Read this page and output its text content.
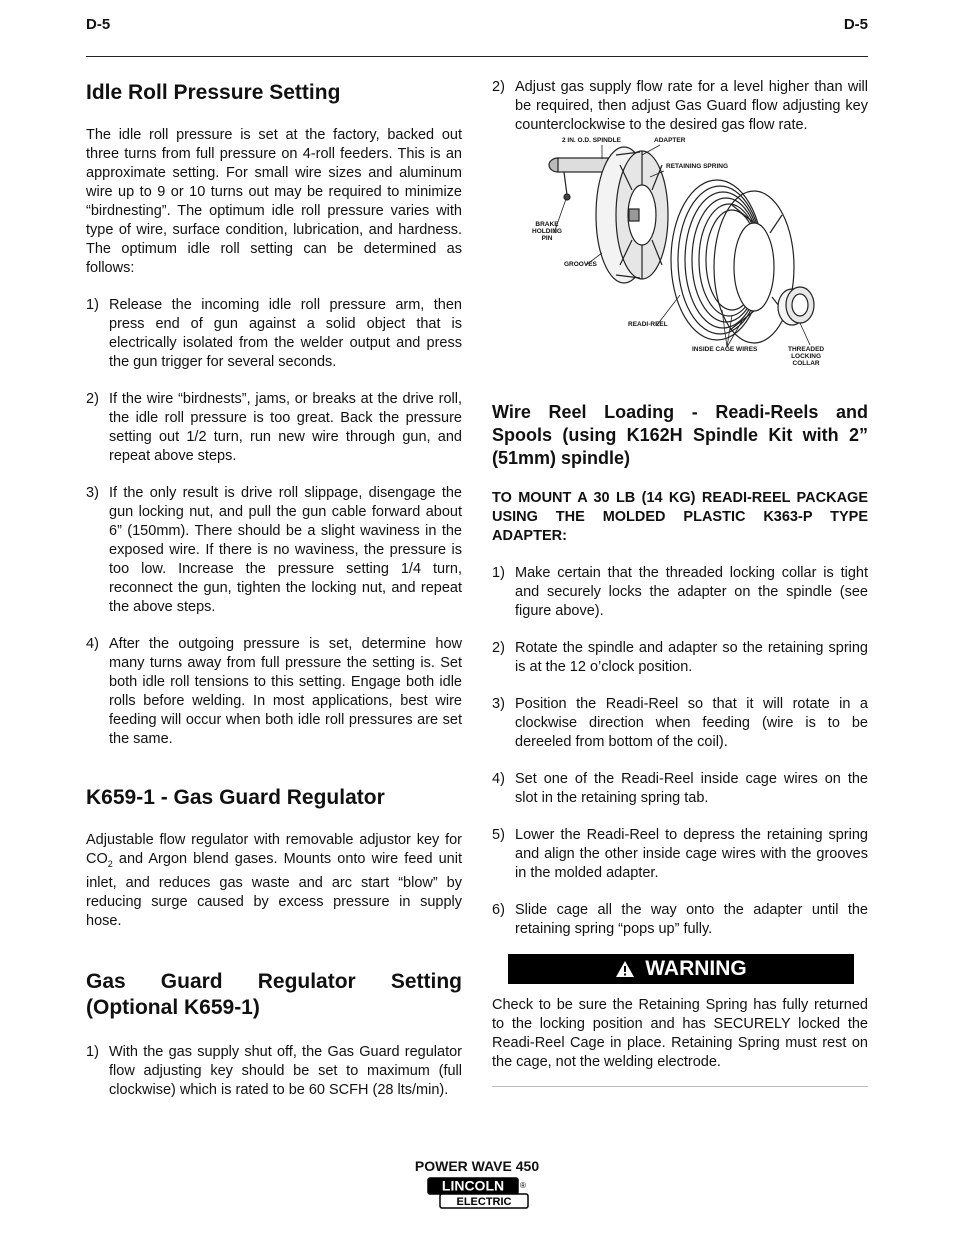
D-5	D-5
Idle Roll Pressure Setting

The idle roll pressure is set at the factory, backed out three turns from full pressure on 4-roll feeders. This is an approximate setting. For small wire sizes and aluminum wire up to 9 or 10 turns out may be required to minimize “birdnesting”. The optimum idle roll pressure varies with type of wire, surface condition, lubrication, and hardness. The optimum idle roll setting can be determined as follows:

1) Release the incoming idle roll pressure arm, then press end of gun against a solid object that is electrically isolated from the welder output and press the gun trigger for several seconds.
2) If the wire “birdnests”, jams, or breaks at the drive roll, the idle roll pressure is too great. Back the pressure setting out 1/2 turn, run new wire through gun, and repeat above steps.
3) If the only result is drive roll slippage, disengage the gun locking nut, and pull the gun cable forward about 6” (150mm). There should be a slight waviness in the exposed wire. If there is no waviness, the pressure is too low. Increase the pressure setting 1/4 turn, reconnect the gun, tighten the locking nut, and repeat the above steps.
4) After the outgoing pressure is set, determine how many turns away from full pressure the setting is. Set both idle roll tensions to this setting. Engage both idle rolls before welding. In most applications, best wire feeding will occur when both idle roll pressures are set the same.
K659-1 - Gas Guard Regulator

Adjustable flow regulator with removable adjustor key for $CO_2$ and Argon blend gases. Mounts onto wire feed unit inlet, and reduces gas waste and arc start “blow” by reducing surge caused by excess pressure in supply hose.

Gas Guard Regulator Setting (Optional K659-1)
1) With the gas supply shut off, the Gas Guard regulator flow adjusting key should be set to maximum (full clockwise) which is rated to be 60 SCFH (28 lts/min).
2) Adjust gas supply flow rate for a level higher than will be required, then adjust Gas Guard flow adjusting key counterclockwise to the desired gas flow rate.
2 IN. O.D. SPINDLE	ADAPTER
RETAINING SPRING
BRAKE
HOLDING
PIN
GROOVES
READI-REEL
INSIDE CAGE WIRES	THREADED
LOCKING
COLLAR
Wire Reel Loading - Readi-Reels and Spools (using K162H Spindle Kit with 2” (51mm) spindle)
TO MOUNT A 30 LB (14 KG) READI-REEL PACKAGE USING THE MOLDED PLASTIC K363-P TYPE ADAPTER:
1) Make certain that the threaded locking collar is tight and securely locks the adapter on the spindle (see figure above).
2) Rotate the spindle and adapter so the retaining spring is at the 12 o’clock position.
3) Position the Readi-Reel so that it will rotate in a clockwise direction when feeding (wire is to be dereeled from bottom of the coil).
4) Set one of the Readi-Reel inside cage wires on the slot in the retaining spring tab.
5) Lower the Readi-Reel to depress the retaining spring and align the other inside cage wires with the grooves in the molded adapter.
6) Slide cage all the way onto the adapter until the retaining spring “pops up” fully.
WARNING

Check to be sure the Retaining Spring has fully returned to the locking position and has SECURELY locked the Readi-Reel Cage in place. Retaining Spring must rest on the cage, not the welding electrode.

POWER WAVE 450
LINCOLN ®
ELECTRIC
